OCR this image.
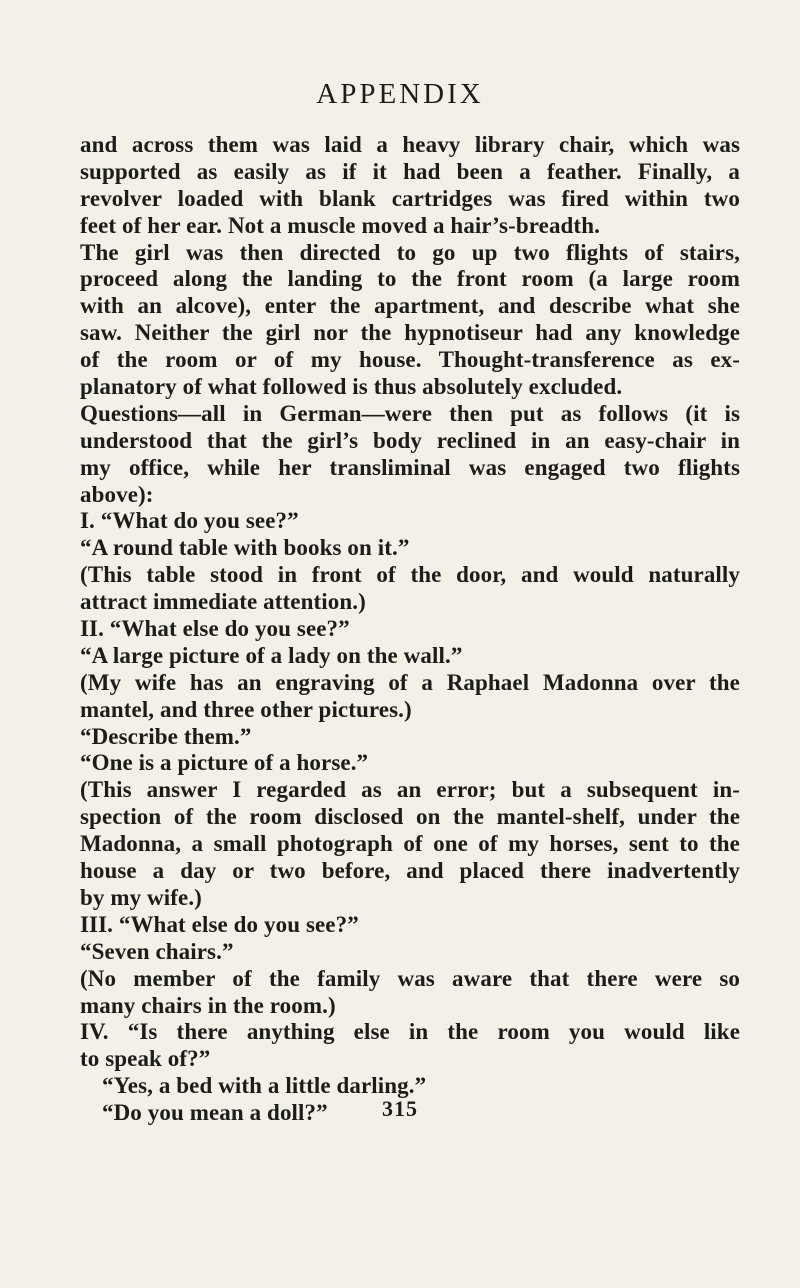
APPENDIX
and across them was laid a heavy library chair, which was
supported as easily as if it had been a feather. Finally, a
revolver loaded with blank cartridges was fired within two
feet of her ear. Not a muscle moved a hair’s-breadth.
The girl was then directed to go up two flights of stairs,
proceed along the landing to the front room (a large room
with an alcove), enter the apartment, and describe what she
saw. Neither the girl nor the hypnotiseur had any knowledge
of the room or of my house. Thought-transference as ex-
planatory of what followed is thus absolutely excluded.
Questions—all in German—were then put as follows (it is
understood that the girl’s body reclined in an easy-chair in
my office, while her transliminal was engaged two flights
above):
I. “What do you see?”
“A round table with books on it.”
(This table stood in front of the door, and would naturally
attract immediate attention.)
II. “What else do you see?”
“A large picture of a lady on the wall.”
(My wife has an engraving of a Raphael Madonna over the
mantel, and three other pictures.)
“Describe them.”
“One is a picture of a horse.”
(This answer I regarded as an error; but a subsequent in-
spection of the room disclosed on the mantel-shelf, under the
Madonna, a small photograph of one of my horses, sent to the
house a day or two before, and placed there inadvertently
by my wife.)
III. “What else do you see?”
“Seven chairs.”
(No member of the family was aware that there were so
many chairs in the room.)
IV. “Is there anything else in the room you would like
to speak of?”
“Yes, a bed with a little darling.”
“Do you mean a doll?”	315
